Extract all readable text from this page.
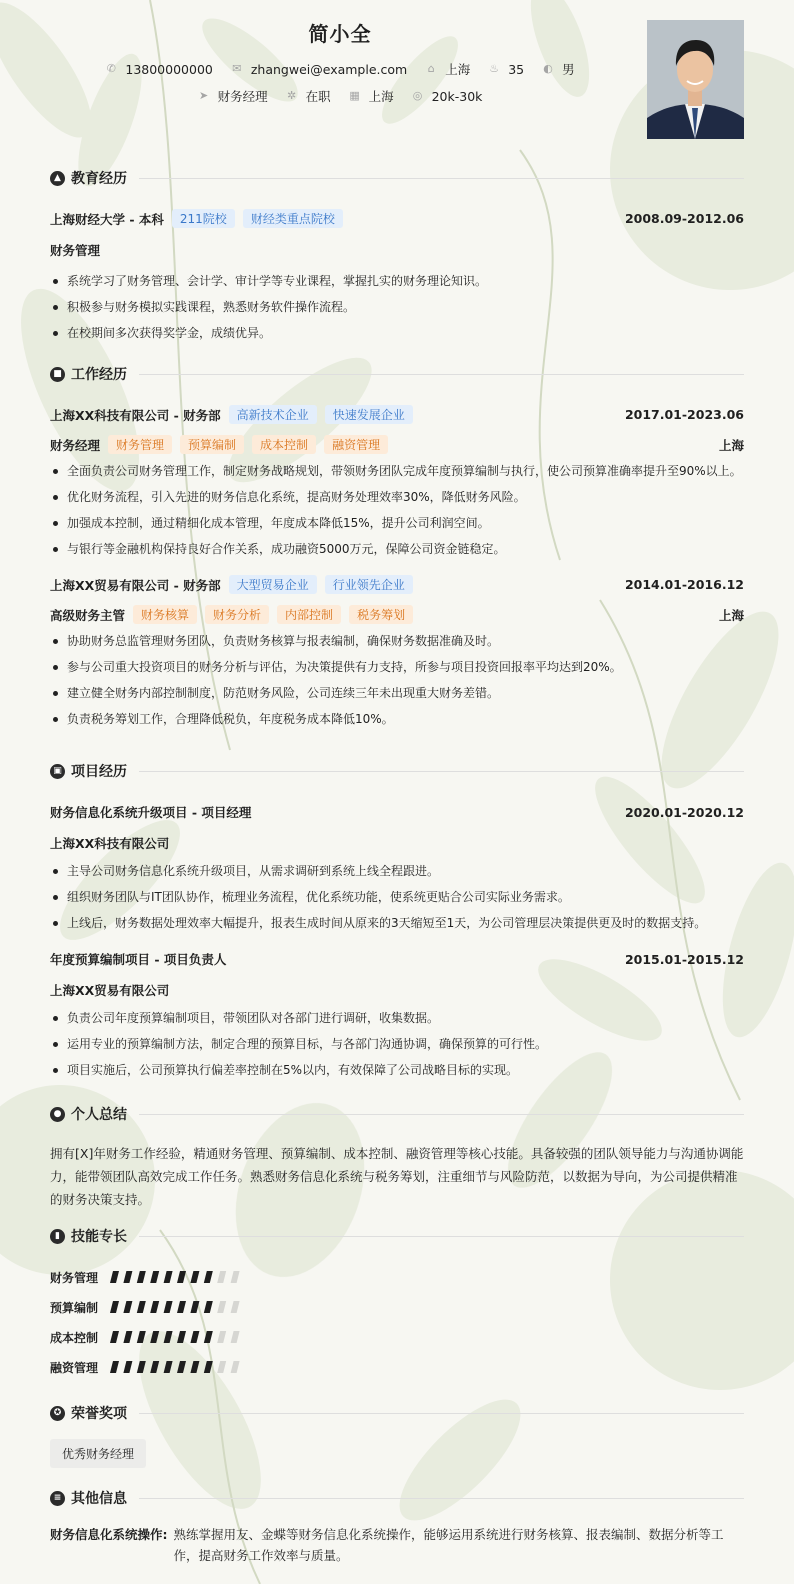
简小全
✆ 13800000000
✉ zhangwei@example.com
⌂ 上海
♨ 35
◐ 男
➤ 财务经理
✲ 在职
▦ 上海
◎ 20k-30k
▲ 教育经历
上海财经大学 - 本科	211院校	财经类重点院校	2008.09-2012.06
财务管理
系统学习了财务管理、会计学、审计学等专业课程，掌握扎实的财务理论知识。
积极参与财务模拟实践课程，熟悉财务软件操作流程。
在校期间多次获得奖学金，成绩优异。
■ 工作经历
上海XX科技有限公司 - 财务部	高新技术企业	快速发展企业	2017.01-2023.06
财务经理	财务管理	预算编制	成本控制	融资管理	上海
全面负责公司财务管理工作，制定财务战略规划，带领财务团队完成年度预算编制与执行，使公司预算准确率提升至90%以上。
优化财务流程，引入先进的财务信息化系统，提高财务处理效率30%，降低财务风险。
加强成本控制，通过精细化成本管理，年度成本降低15%，提升公司利润空间。
与银行等金融机构保持良好合作关系，成功融资5000万元，保障公司资金链稳定。
上海XX贸易有限公司 - 财务部	大型贸易企业	行业领先企业	2014.01-2016.12
高级财务主管	财务核算	财务分析	内部控制	税务筹划	上海
协助财务总监管理财务团队，负责财务核算与报表编制，确保财务数据准确及时。
参与公司重大投资项目的财务分析与评估，为决策提供有力支持，所参与项目投资回报率平均达到20%。
建立健全财务内部控制制度，防范财务风险，公司连续三年未出现重大财务差错。
负责税务筹划工作，合理降低税负，年度税务成本降低10%。
▣ 项目经历
财务信息化系统升级项目 - 项目经理	2020.01-2020.12
上海XX科技有限公司
主导公司财务信息化系统升级项目，从需求调研到系统上线全程跟进。
组织财务团队与IT团队协作，梳理业务流程，优化系统功能，使系统更贴合公司实际业务需求。
上线后，财务数据处理效率大幅提升，报表生成时间从原来的3天缩短至1天，为公司管理层决策提供更及时的数据支持。
年度预算编制项目 - 项目负责人	2015.01-2015.12
上海XX贸易有限公司
负责公司年度预算编制项目，带领团队对各部门进行调研，收集数据。
运用专业的预算编制方法，制定合理的预算目标，与各部门沟通协调，确保预算的可行性。
项目实施后，公司预算执行偏差率控制在5%以内，有效保障了公司战略目标的实现。
● 个人总结
拥有[X]年财务工作经验，精通财务管理、预算编制、成本控制、融资管理等核心技能。具备较强的团队领导能力与沟通协调能力，能带领团队高效完成工作任务。熟悉财务信息化系统与税务筹划，注重细节与风险防范，以数据为导向，为公司提供精准的财务决策支持。
▮ 技能专长
财务管理
预算编制
成本控制
融资管理
✪ 荣誉奖项
优秀财务经理
≡ 其他信息
财务信息化系统操作: 熟练掌握用友、金蝶等财务信息化系统操作，能够运用系统进行财务核算、报表编制、数据分析等工作，提高财务工作效率与质量。
